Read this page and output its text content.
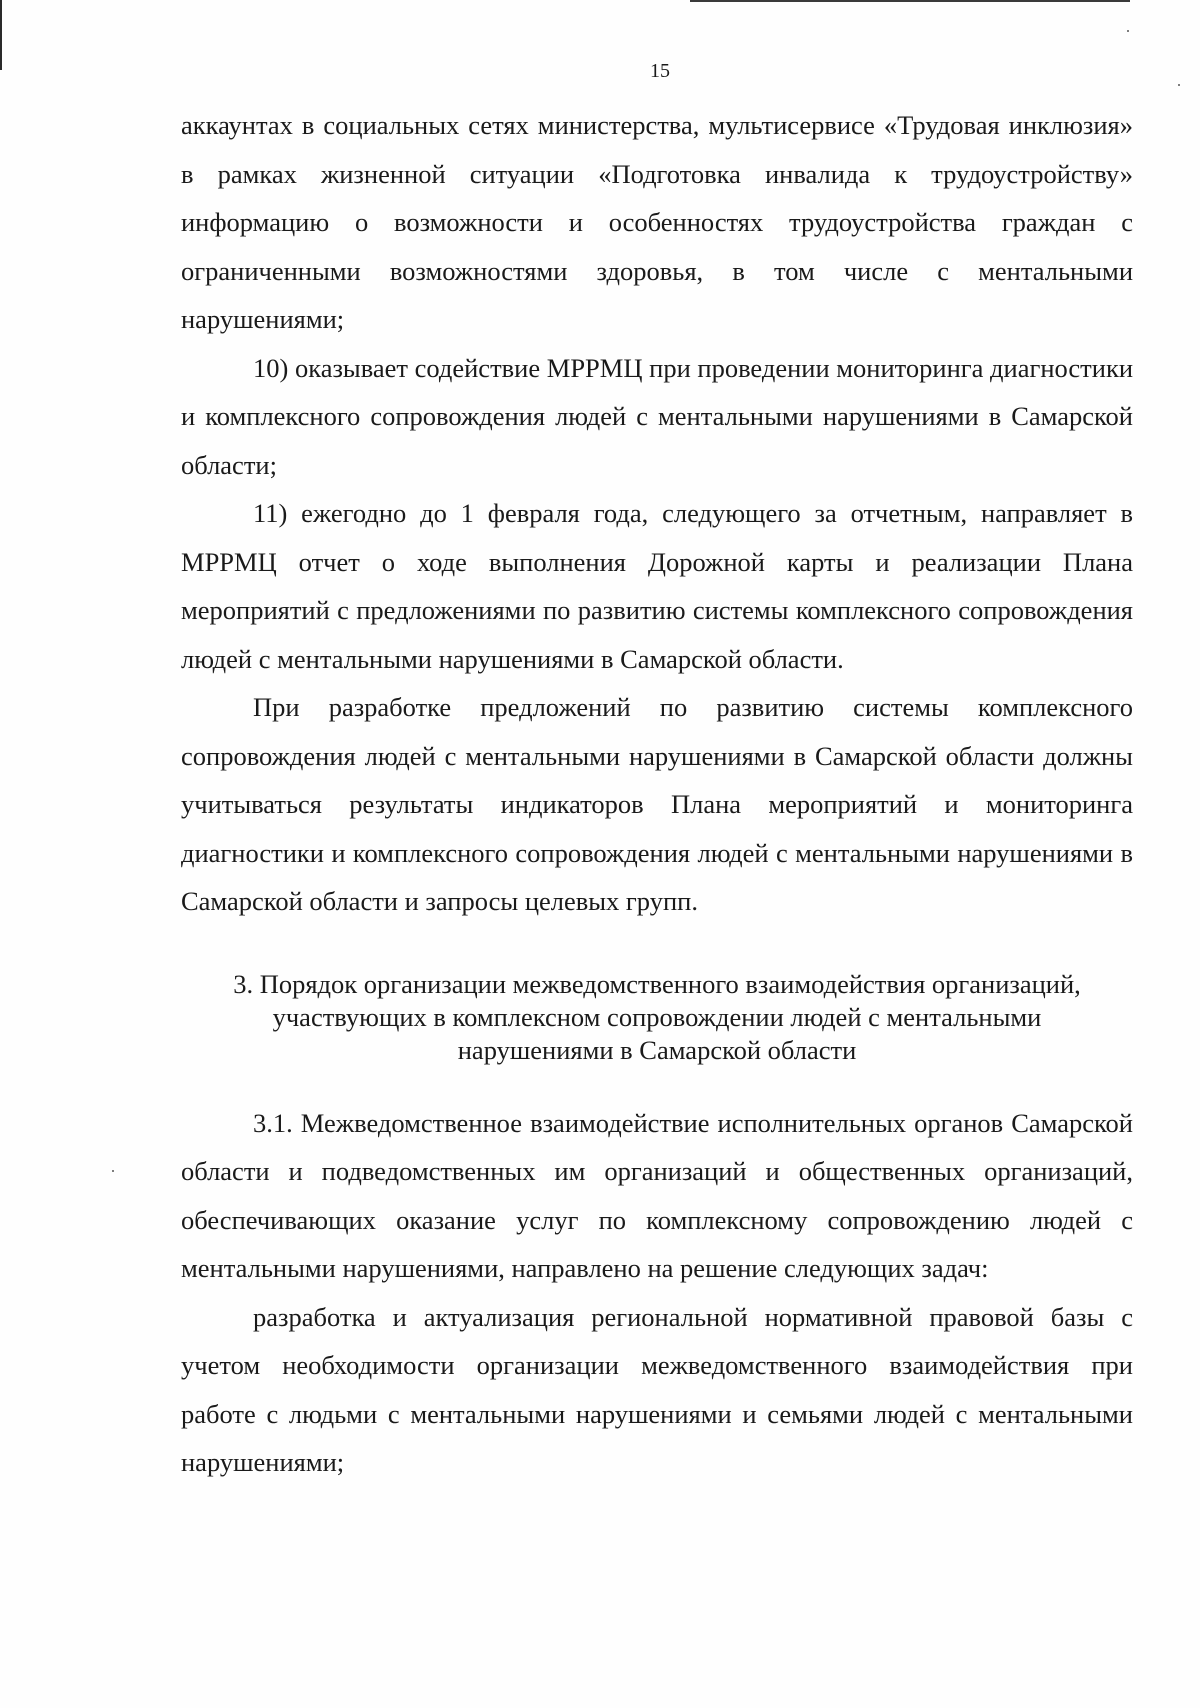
15

аккаунтах в социальных сетях министерства, мультисервисе «Трудовая инклюзия» в рамках жизненной ситуации «Подготовка инвалида к трудоустройству» информацию о возможности и особенностях трудоустройства граждан с ограниченными возможностями здоровья, в том числе с ментальными нарушениями;

10) оказывает содействие МРРМЦ при проведении мониторинга диагностики и комплексного сопровождения людей с ментальными нарушениями в Самарской области;

11) ежегодно до 1 февраля года, следующего за отчетным, направляет в МРРМЦ отчет о ходе выполнения Дорожной карты и реализации Плана мероприятий с предложениями по развитию системы комплексного сопровождения людей с ментальными нарушениями в Самарской области.

При разработке предложений по развитию системы комплексного сопровождения людей с ментальными нарушениями в Самарской области должны учитываться результаты индикаторов Плана мероприятий и мониторинга диагностики и комплексного сопровождения людей с ментальными нарушениями в Самарской области и запросы целевых групп.

3. Порядок организации межведомственного взаимодействия организаций,
участвующих в комплексном сопровождении людей с ментальными
нарушениями в Самарской области

3.1. Межведомственное взаимодействие исполнительных органов Самарской области и подведомственных им организаций и общественных организаций, обеспечивающих оказание услуг по комплексному сопровождению людей с ментальными нарушениями, направлено на решение следующих задач:

разработка и актуализация региональной нормативной правовой базы с учетом необходимости организации межведомственного взаимодействия при работе с людьми с ментальными нарушениями и семьями людей с ментальными нарушениями;
